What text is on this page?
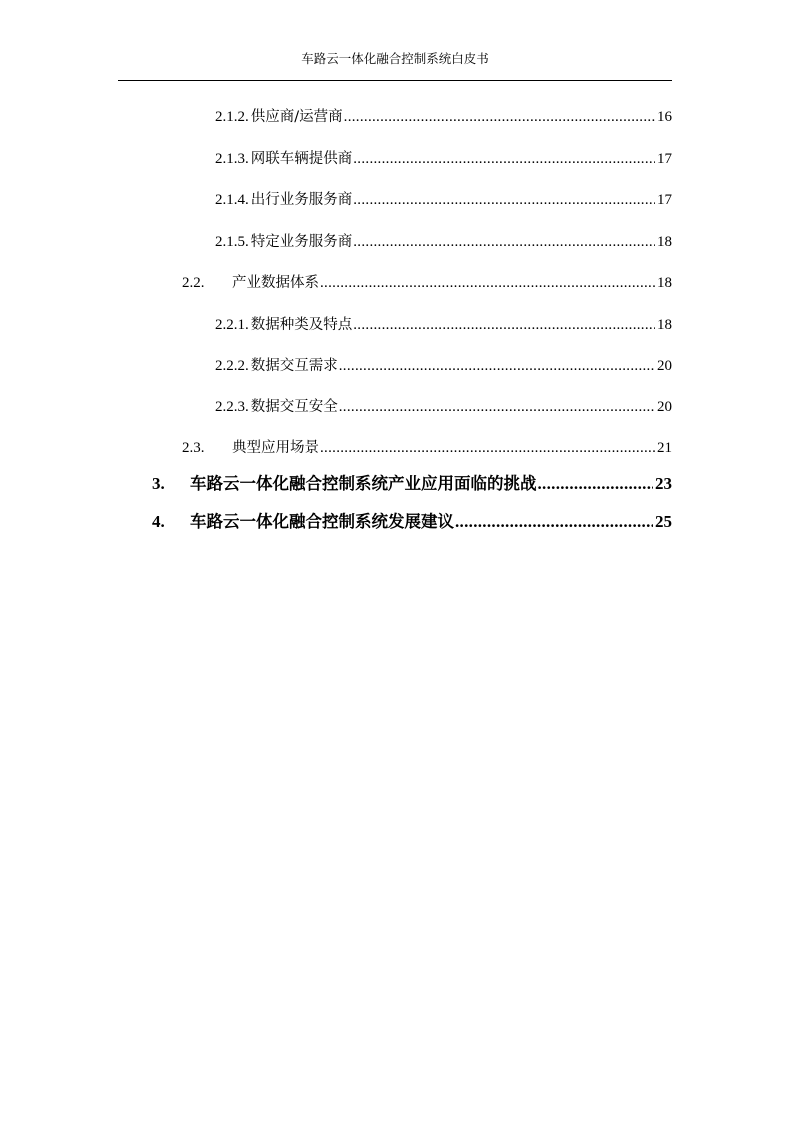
车路云一体化融合控制系统白皮书
2.1.2. 供应商/运营商 .....	16
2.1.3. 网联车辆提供商 .....	17
2.1.4. 出行业务服务商 .....	17
2.1.5. 特定业务服务商 .....	18
2.2.	产业数据体系 .....	18
2.2.1. 数据种类及特点 .....	18
2.2.2. 数据交互需求 .....	20
2.2.3. 数据交互安全 .....	20
2.3.	典型应用场景 .....	21
3.	车路云一体化融合控制系统产业应用面临的挑战 .....	23
4.	车路云一体化融合控制系统发展建议 .....	25
